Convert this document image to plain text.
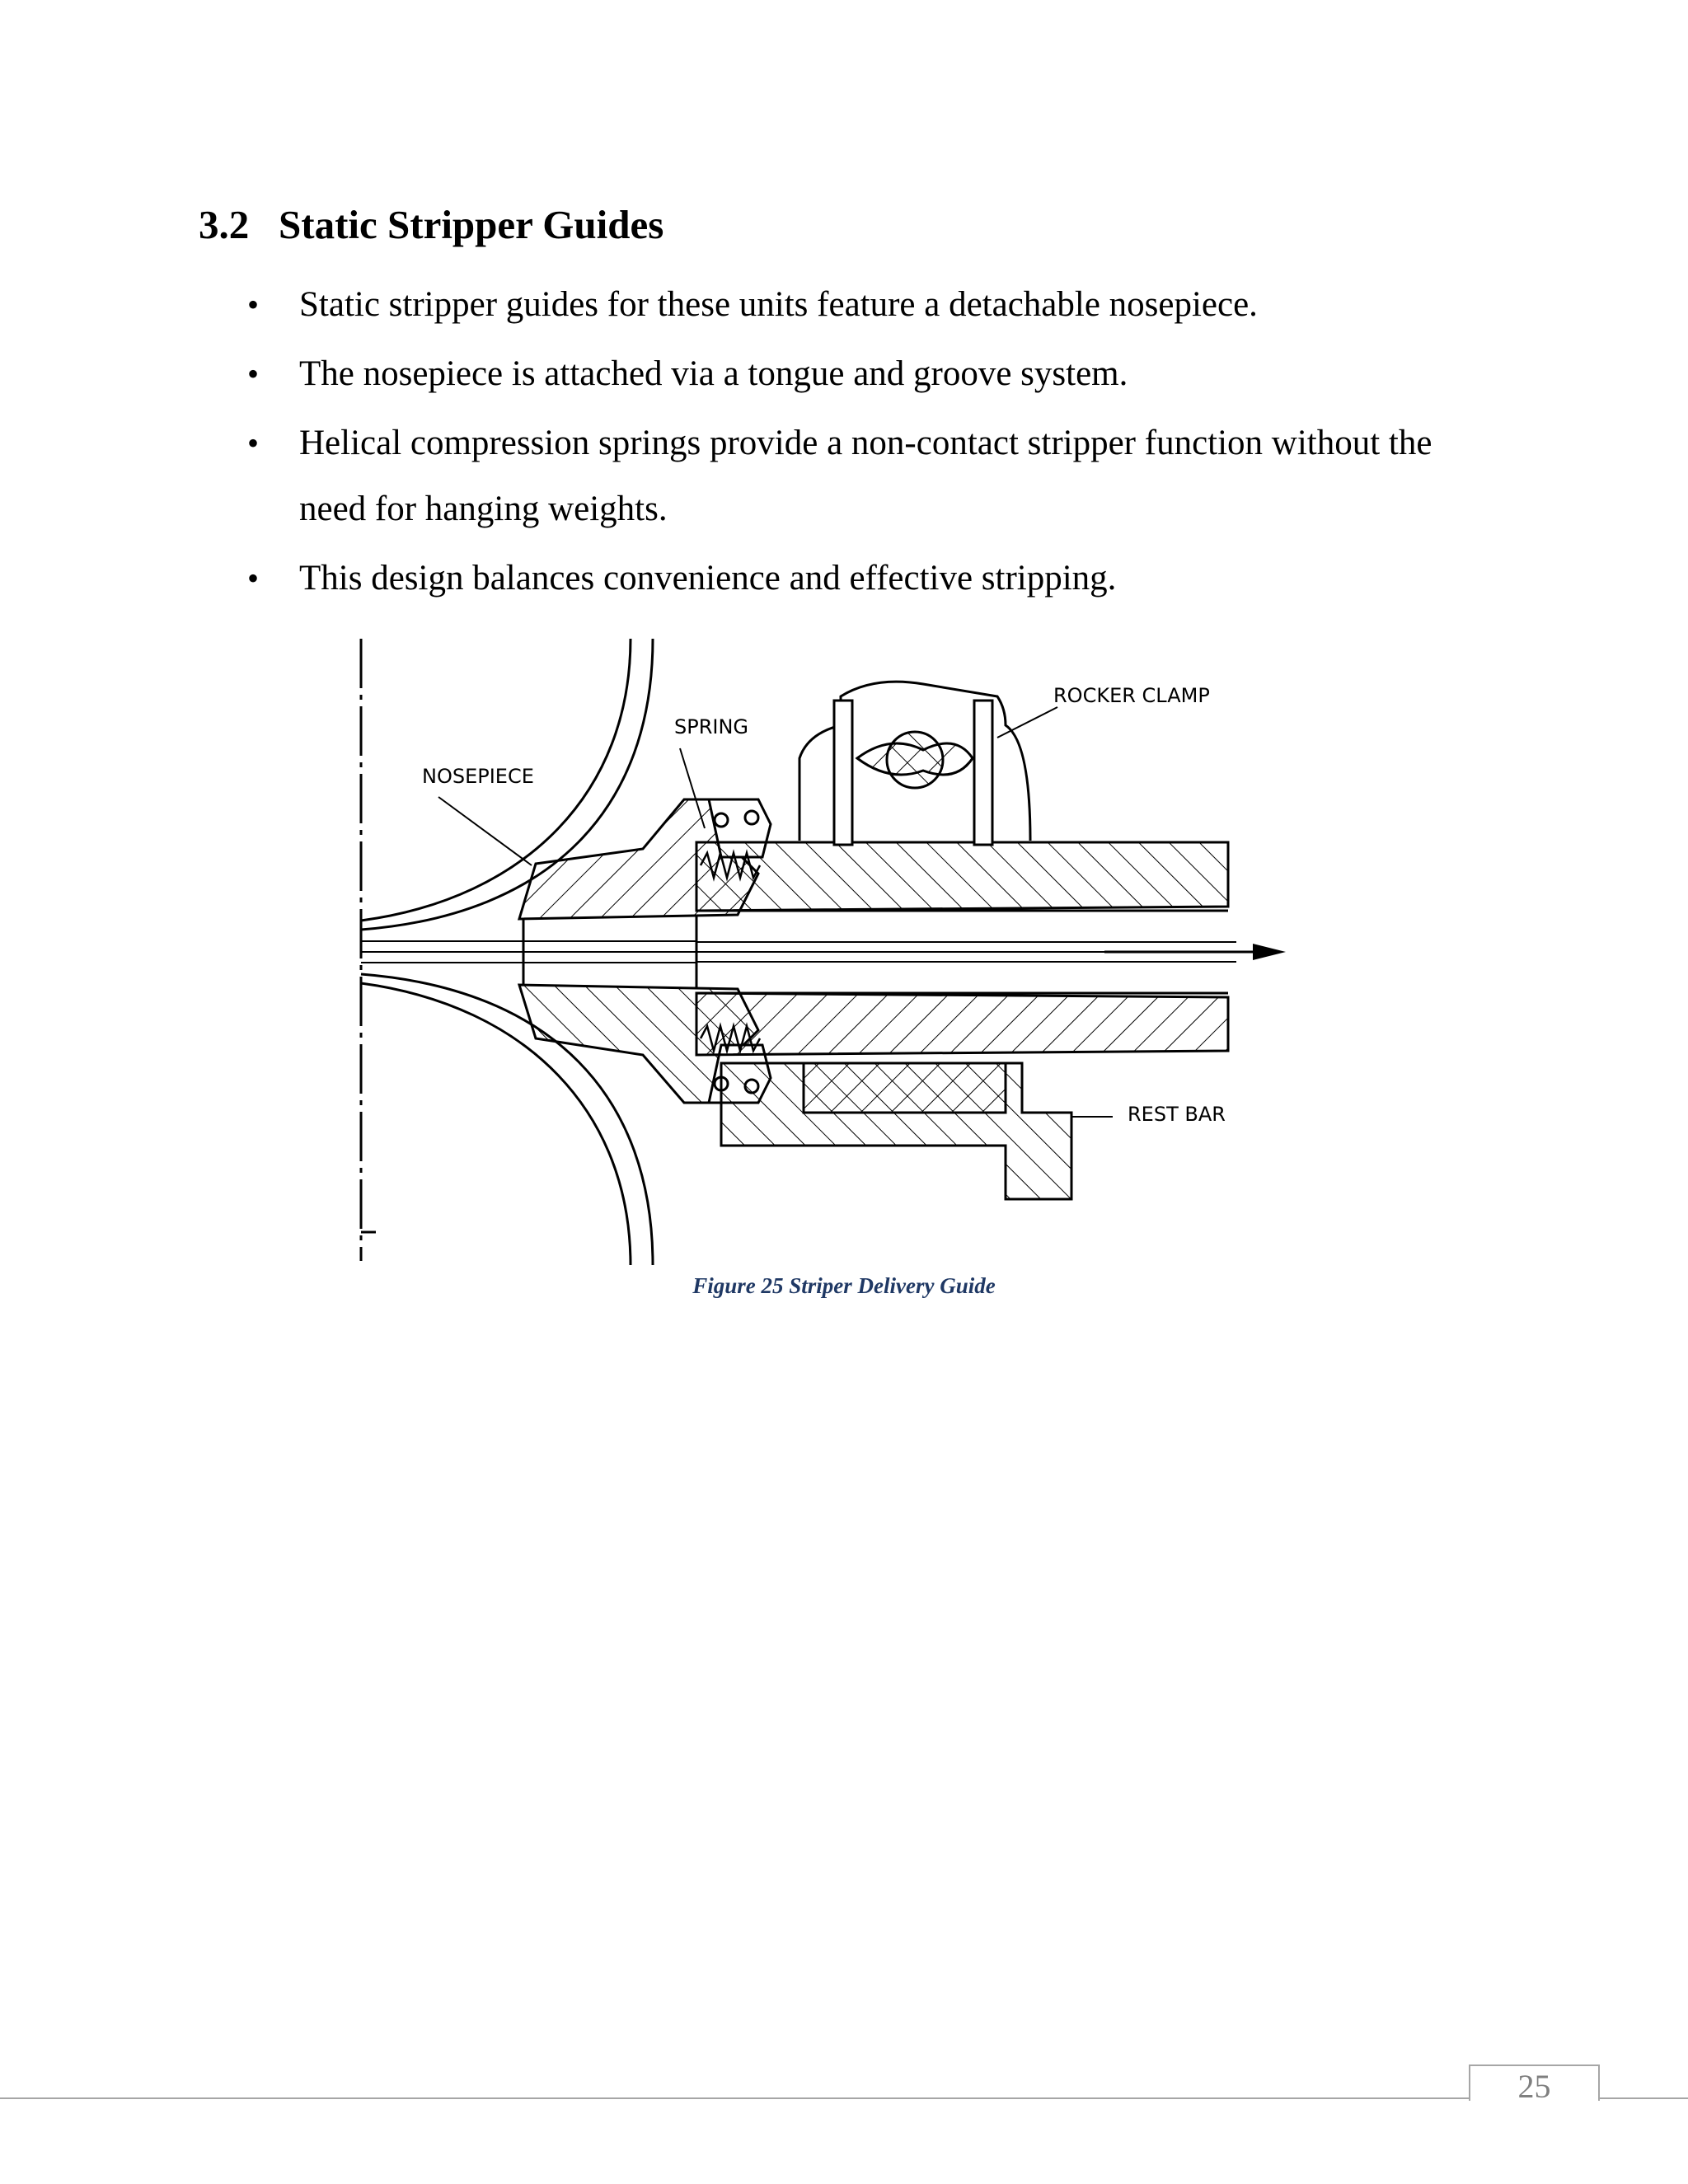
3.2 Static Stripper Guides
• Static stripper guides for these units feature a detachable nosepiece.
• The nosepiece is attached via a tongue and groove system.
• Helical compression springs provide a non-contact stripper function without the need for hanging weights.
• This design balances convenience and effective stripping.
NOSEPIECE
SPRING
ROCKER CLAMP
REST BAR
Figure 25 Striper Delivery Guide
25
